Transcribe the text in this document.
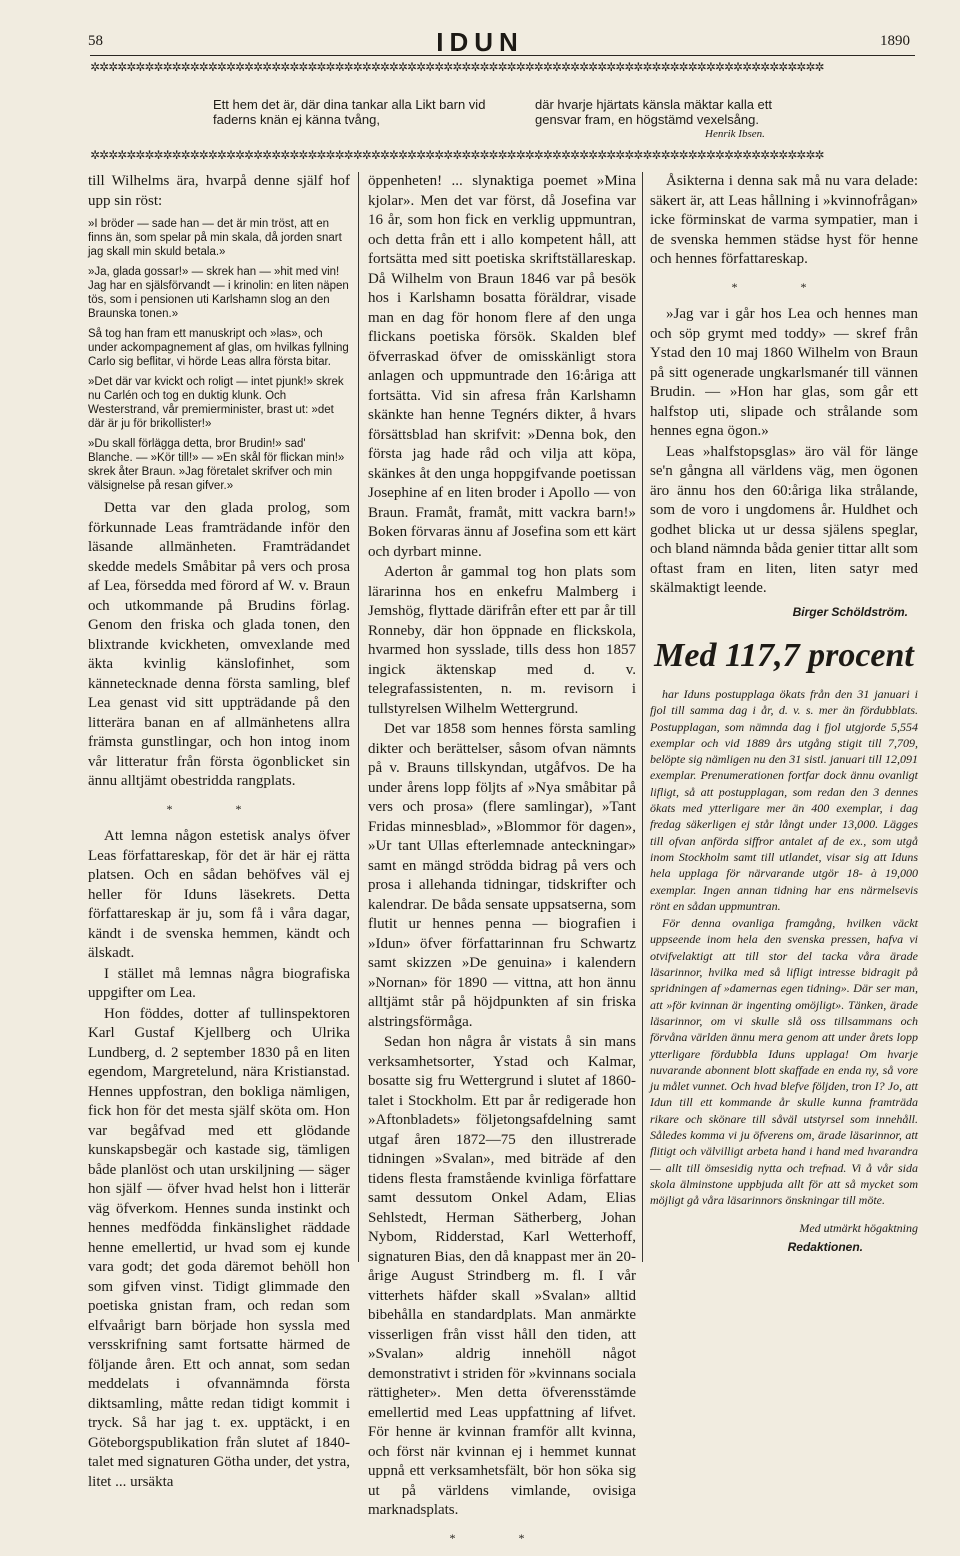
58	IDUN	1890
✲✲✲✲✲✲✲✲✲✲✲✲✲✲✲✲✲✲✲✲✲✲✲✲✲✲✲✲✲✲✲✲✲✲✲✲✲✲✲✲✲✲✲✲✲✲✲✲✲✲✲✲✲✲✲✲✲✲✲✲✲✲✲✲✲✲✲✲✲✲✲✲✲✲✲✲✲✲✲✲✲
Ett hem det är, där dina tankar alla Likt barn vid faderns knän ej känna tvång,
där hvarje hjärtats känsla mäktar kalla ett gensvar fram, en högstämd vexelsång.
Henrik Ibsen.
✲✲✲✲✲✲✲✲✲✲✲✲✲✲✲✲✲✲✲✲✲✲✲✲✲✲✲✲✲✲✲✲✲✲✲✲✲✲✲✲✲✲✲✲✲✲✲✲✲✲✲✲✲✲✲✲✲✲✲✲✲✲✲✲✲✲✲✲✲✲✲✲✲✲✲✲✲✲✲✲✲

till Wilhelms ära, hvarpå denne själf hof upp sin röst:

»I bröder — sade han — det är min tröst, att en finns än, som spelar på min skala, då jorden snart jag skall min skuld betala.»

»Ja, glada gossar!» — skrek han — »hit med vin! Jag har en själsförvandt — i krinolin: en liten näpen tös, som i pensionen uti Karlshamn slog an den Braunska tonen.»

Så tog han fram ett manuskript och »las», och under ackompagnement af glas, om hvilkas fyllning Carlo sig beflitar, vi hörde Leas allra första bitar.

»Det där var kvickt och roligt — intet pjunk!» skrek nu Carlén och tog en duktig klunk. Och Westerstrand, vår premierminister, brast ut: »det där är ju för brikollister!»

»Du skall förlägga detta, bror Brudin!» sad' Blanche. — »Kör till!» — »En skål för flickan min!» skrek åter Braun. »Jag företalet skrifver och min välsignelse på resan gifver.»

Detta var den glada prolog, som förkunnade Leas framträdande inför den läsande allmänheten. Framträdandet skedde medels Småbitar på vers och prosa af Lea, försedda med förord af W. v. Braun och utkommande på Brudins förlag. Genom den friska och glada tonen, den blixtrande kvickheten, omvexlande med äkta kvinlig känslofinhet, som kännetecknade denna första samling, blef Lea genast vid sitt uppträdande på den litterära banan en af allmänhetens allra främsta gunstlingar, och hon intog inom vår litteratur från första ögonblicket sin ännu alltjämt obestridda rangplats.

* *

Att lemna någon estetisk analys öfver Leas författareskap, för det är här ej rätta platsen. Och en sådan behöfves väl ej heller för Iduns läsekrets. Detta författareskap är ju, som få i våra dagar, kändt i de svenska hemmen, kändt och älskadt.

I stället må lemnas några biografiska uppgifter om Lea.

Hon föddes, dotter af tullinspektoren Karl Gustaf Kjellberg och Ulrika Lundberg, d. 2 september 1830 på en liten egendom, Margretelund, nära Kristianstad. Hennes uppfostran, den bokliga nämligen, fick hon för det mesta själf sköta om. Hon var begåfvad med ett glödande kunskapsbegär och kastade sig, tämligen både planlöst och utan urskiljning — säger hon själf — öfver hvad helst hon i litterär väg öfverkom. Hennes sunda instinkt och hennes medfödda finkänslighet räddade henne emellertid, ur hvad som ej kunde vara godt; det goda däremot behöll hon som gifven vinst. Tidigt glimmade den poetiska gnistan fram, och redan som elfvaårigt barn började hon syssla med versskrifning samt fortsatte härmed de följande åren. Ett och annat, som sedan meddelats i ofvannämnda första diktsamling, måtte redan tidigt kommit i tryck. Så har jag t. ex. upptäckt, i en Göteborgspublikation från slutet af 1840-talet med signaturen Götha under, det ystra, litet ... ursäkta

öppenheten! ... slynaktiga poemet »Mina kjolar». Men det var först, då Josefina var 16 år, som hon fick en verklig uppmuntran, och detta från ett i allo kompetent håll, att fortsätta med sitt poetiska skriftställareskap. Då Wilhelm von Braun 1846 var på besök hos i Karlshamn bosatta föräldrar, visade man en dag för honom flere af den unga flickans poetiska försök. Skalden blef öfverraskad öfver de omisskänligt stora anlagen och uppmuntrade den 16:åriga att fortsätta. Vid sin afresa från Karlshamn skänkte han henne Tegnérs dikter, å hvars försättsblad han skrifvit: »Denna bok, den första jag hade råd och vilja att köpa, skänkes åt den unga hoppgifvande poetissan Josephine af en liten broder i Apollo — von Braun. Framåt, framåt, mitt vackra barn!» Boken förvaras ännu af Josefina som ett kärt och dyrbart minne.

Aderton år gammal tog hon plats som lärarinna hos en enkefru Malmberg i Jemshög, flyttade därifrån efter ett par år till Ronneby, där hon öppnade en flickskola, hvarmed hon sysslade, tills dess hon 1857 ingick äktenskap med d. v. telegrafassistenten, n. m. revisorn i tullstyrelsen Wilhelm Wettergrund.

Det var 1858 som hennes första samling dikter och berättelser, såsom ofvan nämnts på v. Brauns tillskyndan, utgåfvos. De ha under årens lopp följts af »Nya småbitar på vers och prosa» (flere samlingar), »Tant Fridas minnesblad», »Blommor för dagen», »Ur tant Ullas efterlemnade anteckningar» samt en mängd strödda bidrag på vers och prosa i allehanda tidningar, tidskrifter och kalendrar. De båda sensate uppsatserna, som flutit ur hennes penna — biografien i »Idun» öfver författarinnan fru Schwartz samt skizzen »De genuina» i kalendern »Nornan» för 1890 — vittna, att hon ännu alltjämt står på höjdpunkten af sin friska alstringsförmåga.

Sedan hon några år vistats å sin mans verksamhetsorter, Ystad och Kalmar, bosatte sig fru Wettergrund i slutet af 1860-talet i Stockholm. Ett par år redigerade hon »Aftonbladets» följetongsafdelning samt utgaf åren 1872—75 den illustrerade tidningen »Svalan», med biträde af den tidens flesta framstående kvinliga författare samt dessutom Onkel Adam, Elias Sehlstedt, Herman Sätherberg, Johan Nybom, Ridderstad, Karl Wetterhoff, signaturen Bias, den då knappast mer än 20-årige August Strindberg m. fl. I vår vitterhets häfder skall »Svalan» alltid bibehålla en standardplats. Man anmärkte visserligen från visst håll den tiden, att »Svalan» aldrig innehöll något demonstrativt i striden för »kvinnans sociala rättigheter». Men detta öfverensstämde emellertid med Leas uppfattning af lifvet. För henne är kvinnan framför allt kvinna, och först när kvinnan ej i hemmet kunnat uppnå ett verksamhetsfält, bör hon söka sig ut på världens vimlande, ovisiga marknadsplats.

* *

Åsikterna i denna sak må nu vara delade: säkert är, att Leas hållning i »kvinnofrågan» icke förminskat de varma sympatier, man i de svenska hemmen städse hyst för henne och hennes författareskap.

* *

»Jag var i går hos Lea och hennes man och söp grymt med toddy» — skref från Ystad den 10 maj 1860 Wilhelm von Braun på sitt ogenerade ungkarlsmanér till vännen Brudin. — »Hon har glas, som går ett halfstop uti, slipade och strålande som hennes egna ögon.»

Leas »halfstopsglas» äro väl för länge se'n gångna all världens väg, men ögonen äro ännu hos den 60:åriga lika strålande, som de voro i ungdomens år. Huldhet och godhet blicka ut ur dessa själens speglar, och bland nämnda båda genier tittar allt som oftast fram en liten, liten satyr med skälmaktigt leende.

Birger Schöldström.
Med 117,7 procent

har Iduns postupplaga ökats från den 31 januari i fjol till samma dag i år, d. v. s. mer än fördubblats. Postupplagan, som nämnda dag i fjol utgjorde 5,554 exemplar och vid 1889 års utgång stigit till 7,709, belöpte sig nämligen nu den 31 sistl. januari till 12,091 exemplar. Prenumerationen fortfar dock ännu ovanligt lifligt, så att postupplagan, som redan den 3 dennes ökats med ytterligare mer än 400 exemplar, i dag fredag säkerligen ej står långt under 13,000. Lägges till ofvan anförda siffror antalet af de ex., som utgå inom Stockholm samt till utlandet, visar sig att Iduns hela upplaga för närvarande utgör 18- à 19,000 exemplar. Ingen annan tidning har ens närmelsevis rönt en sådan uppmuntran.

För denna ovanliga framgång, hvilken väckt uppseende inom hela den svenska pressen, hafva vi otvifvelaktigt att till stor del tacka våra ärade läsarinnor, hvilka med så lifligt intresse bidragit på spridningen af »damernas egen tidning». Där ser man, att »för kvinnan är ingenting omöjligt». Tänken, ärade läsarinnor, om vi skulle slå oss tillsammans och förvåna världen ännu mera genom att under årets lopp ytterligare fördubbla Iduns upplaga! Om hvarje nuvarande abonnent blott skaffade en enda ny, så vore ju målet vunnet. Och hvad blefve följden, tron I? Jo, att Idun till ett kommande år skulle kunna framträda rikare och skönare till såväl utstyrsel som innehåll. Således komma vi ju öfverens om, ärade läsarinnor, att flitigt och välvilligt arbeta hand i hand med hvarandra — allt till ömsesidig nytta och trefnad. Vi å vår sida skola älminstone uppbjuda allt för att så mycket som möjligt gå våra läsarinnors önskningar till möte.

Med utmärkt högaktning
Redaktionen.
